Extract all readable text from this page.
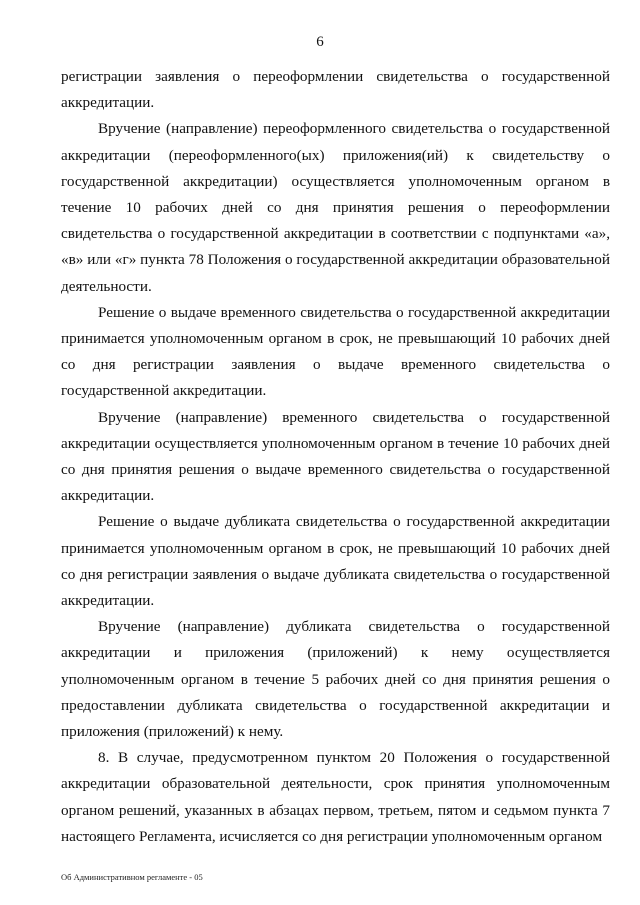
6

регистрации заявления о переоформлении свидетельства о государственной аккредитации.

Вручение (направление) переоформленного свидетельства о государственной аккредитации (переоформленного(ых) приложения(ий) к свидетельству о государственной аккредитации) осуществляется уполномоченным органом в течение 10 рабочих дней со дня принятия решения о переоформлении свидетельства о государственной аккредитации в соответствии с подпунктами «а», «в» или «г» пункта 78 Положения о государственной аккредитации образовательной деятельности.

Решение о выдаче временного свидетельства о государственной аккредитации принимается уполномоченным органом в срок, не превышающий 10 рабочих дней со дня регистрации заявления о выдаче временного свидетельства о государственной аккредитации.

Вручение (направление) временного свидетельства о государственной аккредитации осуществляется уполномоченным органом в течение 10 рабочих дней со дня принятия решения о выдаче временного свидетельства о государственной аккредитации.

Решение о выдаче дубликата свидетельства о государственной аккредитации принимается уполномоченным органом в срок, не превышающий 10 рабочих дней со дня регистрации заявления о выдаче дубликата свидетельства о государственной аккредитации.

Вручение (направление) дубликата свидетельства о государственной аккредитации и приложения (приложений) к нему осуществляется уполномоченным органом в течение 5 рабочих дней со дня принятия решения о предоставлении дубликата свидетельства о государственной аккредитации и приложения (приложений) к нему.

8. В случае, предусмотренном пунктом 20 Положения о государственной аккредитации образовательной деятельности, срок принятия уполномоченным органом решений, указанных в абзацах первом, третьем, пятом и седьмом пункта 7 настоящего Регламента, исчисляется со дня регистрации уполномоченным органом

Об Административном регламенте - 05
